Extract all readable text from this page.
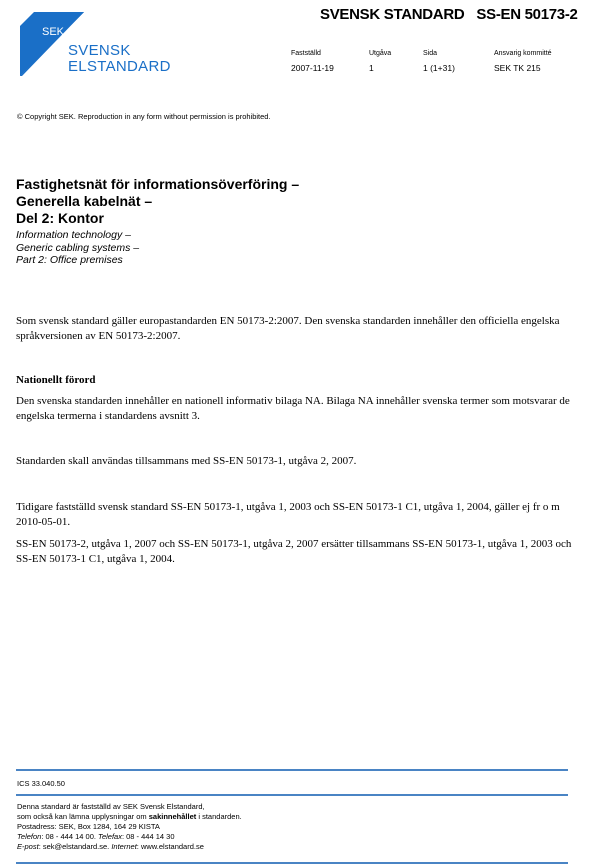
SEK
SVENSK
ELSTANDARD
SVENSK STANDARD SS-EN 50173-2
Fastställd
2007-11-19
Utgåva
1
Sida
1 (1+31)
Ansvarig kommitté
SEK TK 215
© Copyright SEK. Reproduction in any form without permission is prohibited.
Fastighetsnät för informationsöverföring –
Generella kabelnät –
Del 2: Kontor
Information technology –
Generic cabling systems –
Part 2: Office premises
Som svensk standard gäller europastandarden EN 50173-2:2007. Den svenska standarden innehåller den officiella engelska språkversionen av EN 50173-2:2007.
Nationellt förord
Den svenska standarden innehåller en nationell informativ bilaga NA. Bilaga NA innehåller svenska termer som motsvarar de engelska termerna i standardens avsnitt 3.
Standarden skall användas tillsammans med SS-EN 50173-1, utgåva 2, 2007.
Tidigare fastställd svensk standard SS-EN 50173-1, utgåva 1, 2003 och SS-EN 50173-1 C1, utgåva 1, 2004, gäller ej fr o m 2010-05-01.
SS-EN 50173-2, utgåva 1, 2007 och SS-EN 50173-1, utgåva 2, 2007 ersätter tillsammans SS-EN 50173-1, utgåva 1, 2003 och SS-EN 50173-1 C1, utgåva 1, 2004.
ICS 33.040.50
Denna standard är fastställd av SEK Svensk Elstandard,
som också kan lämna upplysningar om sakinnehållet i standarden.
Postadress: SEK, Box 1284, 164 29 KISTA
Telefon: 08 - 444 14 00. Telefax: 08 - 444 14 30
E-post: sek@elstandard.se. Internet: www.elstandard.se
